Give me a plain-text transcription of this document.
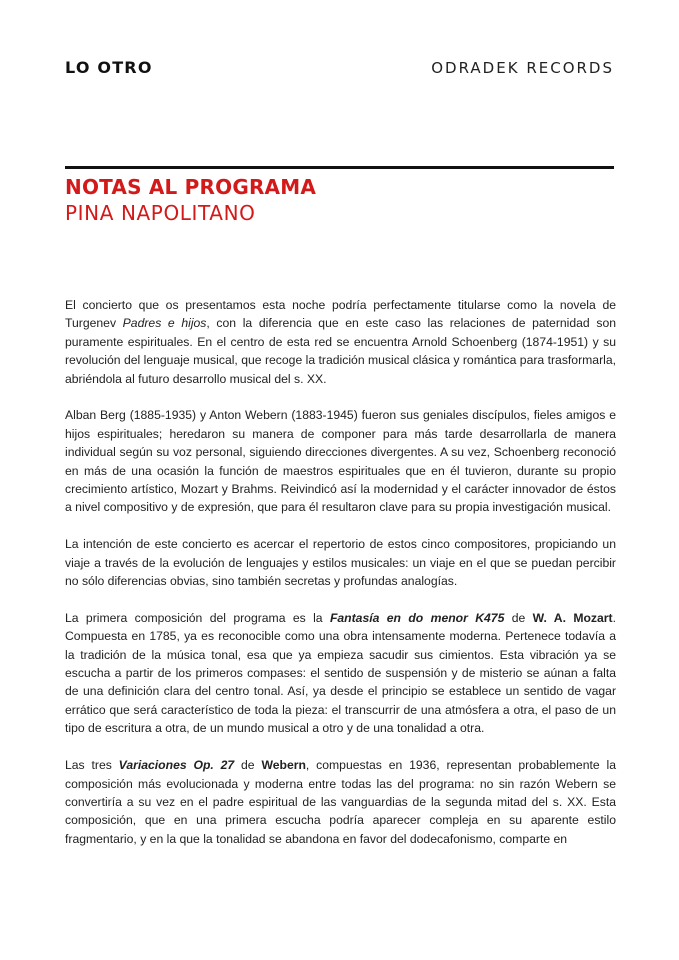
LO OTRO	ODRADEK RECORDS
NOTAS AL PROGRAMA
PINA NAPOLITANO

El concierto que os presentamos esta noche podría perfectamente titularse como la novela de Turgenev Padres e hijos, con la diferencia que en este caso las relaciones de paternidad son puramente espirituales. En el centro de esta red se encuentra Arnold Schoenberg (1874-1951) y su revolución del lenguaje musical, que recoge la tradición musical clásica y romántica para trasformarla, abriéndola al futuro desarrollo musical del s. XX.

Alban Berg (1885-1935) y Anton Webern (1883-1945) fueron sus geniales discípulos, fieles amigos e hijos espirituales; heredaron su manera de componer para más tarde desarrollarla de manera individual según su voz personal, siguiendo direcciones divergentes. A su vez, Schoenberg reconoció en más de una ocasión la función de maestros espirituales que en él tuvieron, durante su propio crecimiento artístico, Mozart y Brahms. Reivindicó así la modernidad y el carácter innovador de éstos a nivel compositivo y de expresión, que para él resultaron clave para su propia investigación musical.

La intención de este concierto es acercar el repertorio de estos cinco compositores, propiciando un viaje a través de la evolución de lenguajes y estilos musicales: un viaje en el que se puedan percibir no sólo diferencias obvias, sino también secretas y profundas analogías.

La primera composición del programa es la Fantasía en do menor K475 de W. A. Mozart. Compuesta en 1785, ya es reconocible como una obra intensamente moderna. Pertenece todavía a la tradición de la música tonal, esa que ya empieza sacudir sus cimientos. Esta vibración ya se escucha a partir de los primeros compases: el sentido de suspensión y de misterio se aúnan a falta de una definición clara del centro tonal. Así, ya desde el principio se establece un sentido de vagar errático que será característico de toda la pieza: el transcurrir de una atmósfera a otra, el paso de un tipo de escritura a otra, de un mundo musical a otro y de una tonalidad a otra.

Las tres Variaciones Op. 27 de Webern, compuestas en 1936, representan probablemente la composición más evolucionada y moderna entre todas las del programa: no sin razón Webern se convertiría a su vez en el padre espiritual de las vanguardias de la segunda mitad del s. XX. Esta composición, que en una primera escucha podría aparecer compleja en su aparente estilo fragmentario, y en la que la tonalidad se abandona en favor del dodecafonismo, comparte en
